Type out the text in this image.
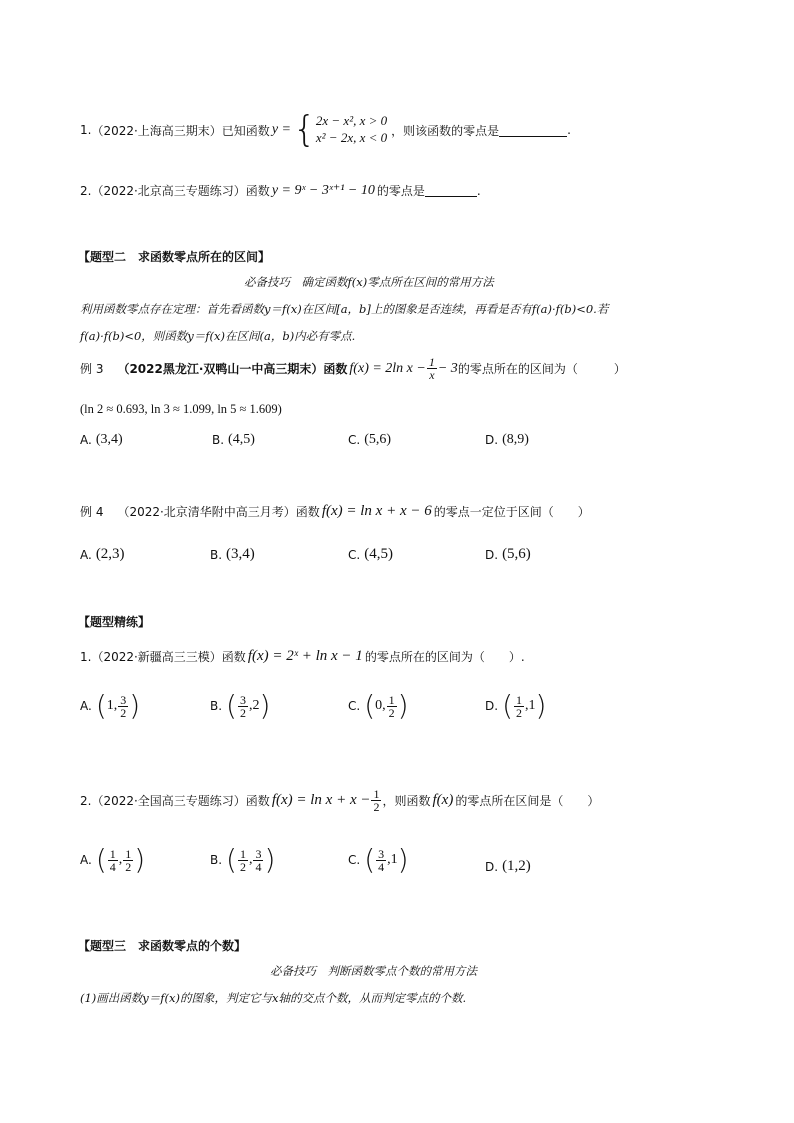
1. （2022·上海高三期末）已知函数 y = { 2x − x², x > 0
x² − 2x, x < 0 ，则该函数的零点是	.
2. （2022·北京高三专题练习）函数 y = 9ˣ − 3ˣ⁺¹ − 10 的零点是	.
【题型二　求函数零点所在的区间】
必备技巧　确定函数f(x)零点所在区间的常用方法
利用函数零点存在定理：首先看函数y＝f(x)在区间[a，b]上的图象是否连续，再看是否有f(a)·f(b)<0.若
f(a)·f(b)<0，则函数y＝f(x)在区间(a，b)内必有零点.
例 3 （2022黑龙江·双鸭山一中高三期末）函数 f(x) = 2ln $x - \frac{1}{x} - 3$ 的零点所在的区间为（　　　）
(ln 2 ≈ 0.693, ln 3 ≈ 1.099, ln 5 ≈ 1.609)
A. (3,4)	B. (4,5)	C. (5,6)	D. (8,9)
例 4 （2022·北京清华附中高三月考）函数 f(x) = ln x + x − 6 的零点一定位于区间（　　）
A. (2,3)	B. (3,4)	C. (4,5)	D. (5,6)
【题型精练】
1. （2022·新疆高三三模）函数 f(x) = 2ˣ + ln x − 1 的零点所在的区间为（　　）.
A. ( 1 , $\frac{3}{2}$ )	B. ( $\frac{3}{2}$ , 2 )	C. ( 0 , $\frac{1}{2}$ )	D. ( $\frac{1}{2}$ , 1 )
2. （2022·全国高三专题练习）函数 $f(x) = \ln x + x - \frac{1}{2}$ ，则函数 f(x) 的零点所在区间是（　　）
A. ( $\frac{1}{4}$ , $\frac{1}{2}$ )	B. ( $\frac{1}{2}$ , $\frac{3}{4}$ )	C. ( $\frac{3}{4}$ , 1 )	D. (1,2)
【题型三　求函数零点的个数】
必备技巧　判断函数零点个数的常用方法
(1)画出函数y＝f(x)的图象，判定它与x轴的交点个数，从而判定零点的个数.
